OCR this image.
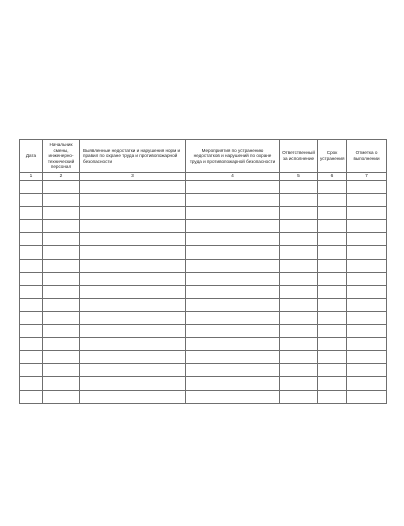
Дата	Начальник смены, инженерно-технический персонал	Выявленные недостатки и нарушения норм и правил по охране труда и противопожарной безопасности	Мероприятия по устранению недостатков и нарушений по охране труда и противопожарной безопасности	Ответственный за исполнение	Срок устранения	Отметка о выполнении
1	2	3	4	5	6	7
